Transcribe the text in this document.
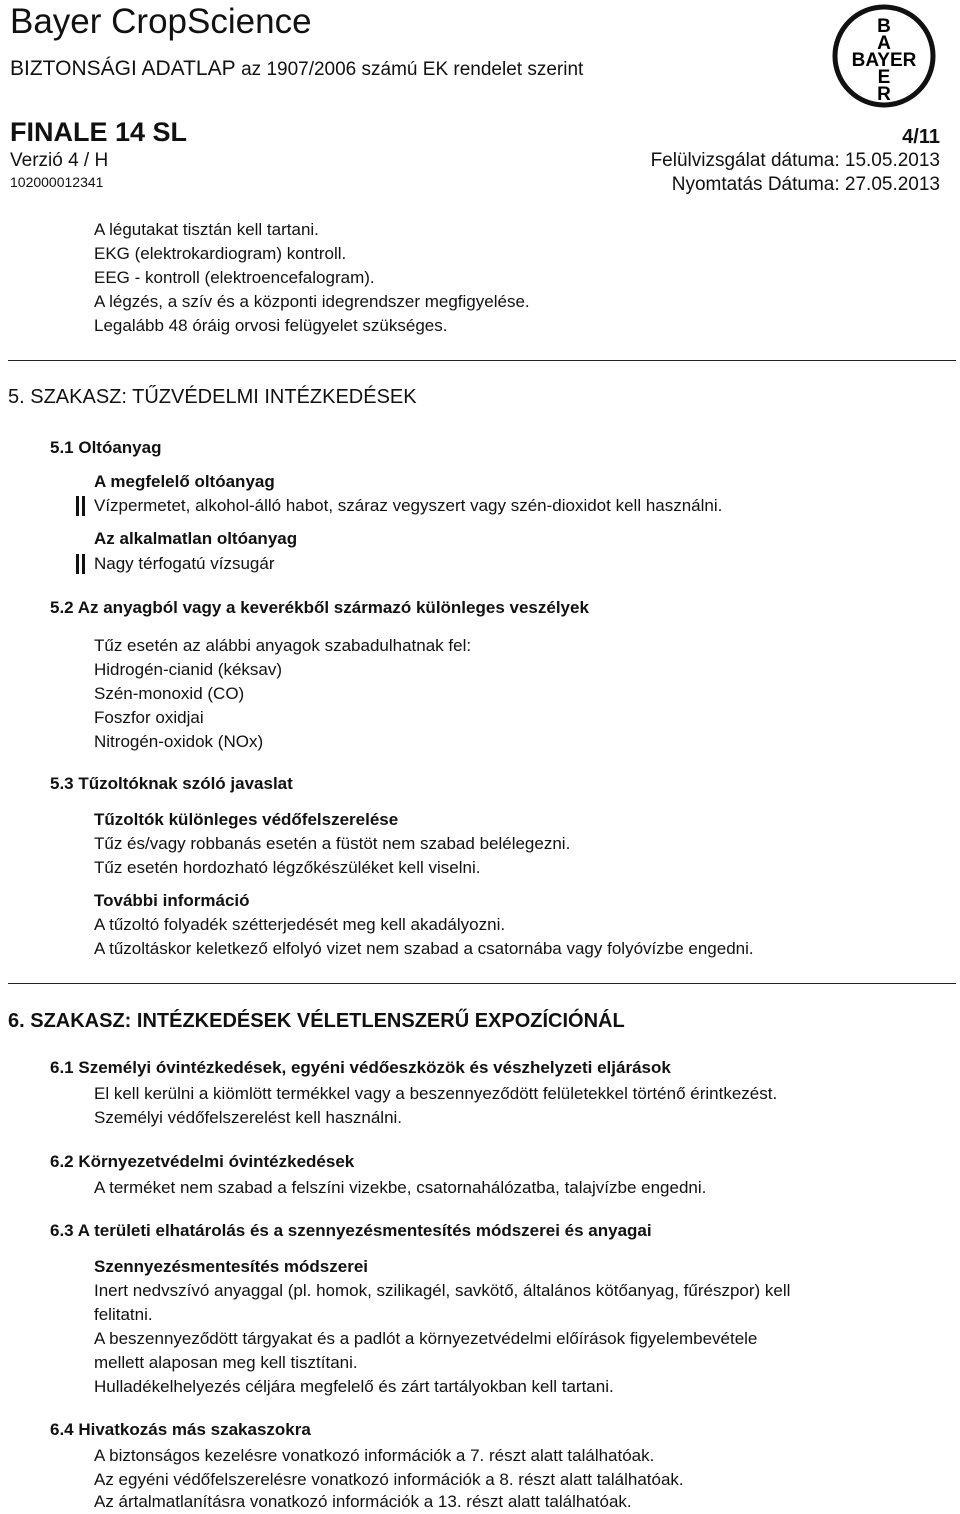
Bayer CropScience
BIZTONSÁGI ADATLAP az 1907/2006 számú EK rendelet szerint
B
A
BAYER
E
R
FINALE 14 SL	4/11
Verzió 4 / H	Felülvizsgálat dátuma: 15.05.2013
102000012341	Nyomtatás Dátuma: 27.05.2013
A légutakat tisztán kell tartani.
EKG (elektrokardiogram) kontroll.
EEG - kontroll (elektroencefalogram).
A légzés, a szív és a központi idegrendszer megfigyelése.
Legalább 48 óráig orvosi felügyelet szükséges.
5. SZAKASZ: TŰZVÉDELMI INTÉZKEDÉSEK
5.1 Oltóanyag
A megfelelő oltóanyag
Vízpermetet, alkohol-álló habot, száraz vegyszert vagy szén-dioxidot kell használni.
Az alkalmatlan oltóanyag
Nagy térfogatú vízsugár
5.2 Az anyagból vagy a keverékből származó különleges veszélyek
Tűz esetén az alábbi anyagok szabadulhatnak fel:
Hidrogén-cianid (kéksav)
Szén-monoxid (CO)
Foszfor oxidjai
Nitrogén-oxidok (NOx)
5.3 Tűzoltóknak szóló javaslat
Tűzoltók különleges védőfelszerelése
Tűz és/vagy robbanás esetén a füstöt nem szabad belélegezni.
Tűz esetén hordozható légzőkészüléket kell viselni.
További információ
A tűzoltó folyadék szétterjedését meg kell akadályozni.
A tűzoltáskor keletkező elfolyó vizet nem szabad a csatornába vagy folyóvízbe engedni.
6. SZAKASZ: INTÉZKEDÉSEK VÉLETLENSZERŰ EXPOZÍCIÓNÁL
6.1 Személyi óvintézkedések, egyéni védőeszközök és vészhelyzeti eljárások
El kell kerülni a kiömlött termékkel vagy a beszennyeződött felületekkel történő érintkezést.
Személyi védőfelszerelést kell használni.
6.2 Környezetvédelmi óvintézkedések
A terméket nem szabad a felszíni vizekbe, csatornahálózatba, talajvízbe engedni.
6.3 A területi elhatárolás és a szennyezésmentesítés módszerei és anyagai
Szennyezésmentesítés módszerei
Inert nedvszívó anyaggal (pl. homok, szilikagél, savkötő, általános kötőanyag, fűrészpor) kell
felitatni.
A beszennyeződött tárgyakat és a padlót a környezetvédelmi előírások figyelembevétele
mellett alaposan meg kell tisztítani.
Hulladékelhelyezés céljára megfelelő és zárt tartályokban kell tartani.
6.4 Hivatkozás más szakaszokra
A biztonságos kezelésre vonatkozó információk a 7. részt alatt találhatóak.
Az egyéni védőfelszerelésre vonatkozó információk a 8. részt alatt találhatóak.
Az ártalmatlanításra vonatkozó információk a 13. részt alatt találhatóak.
